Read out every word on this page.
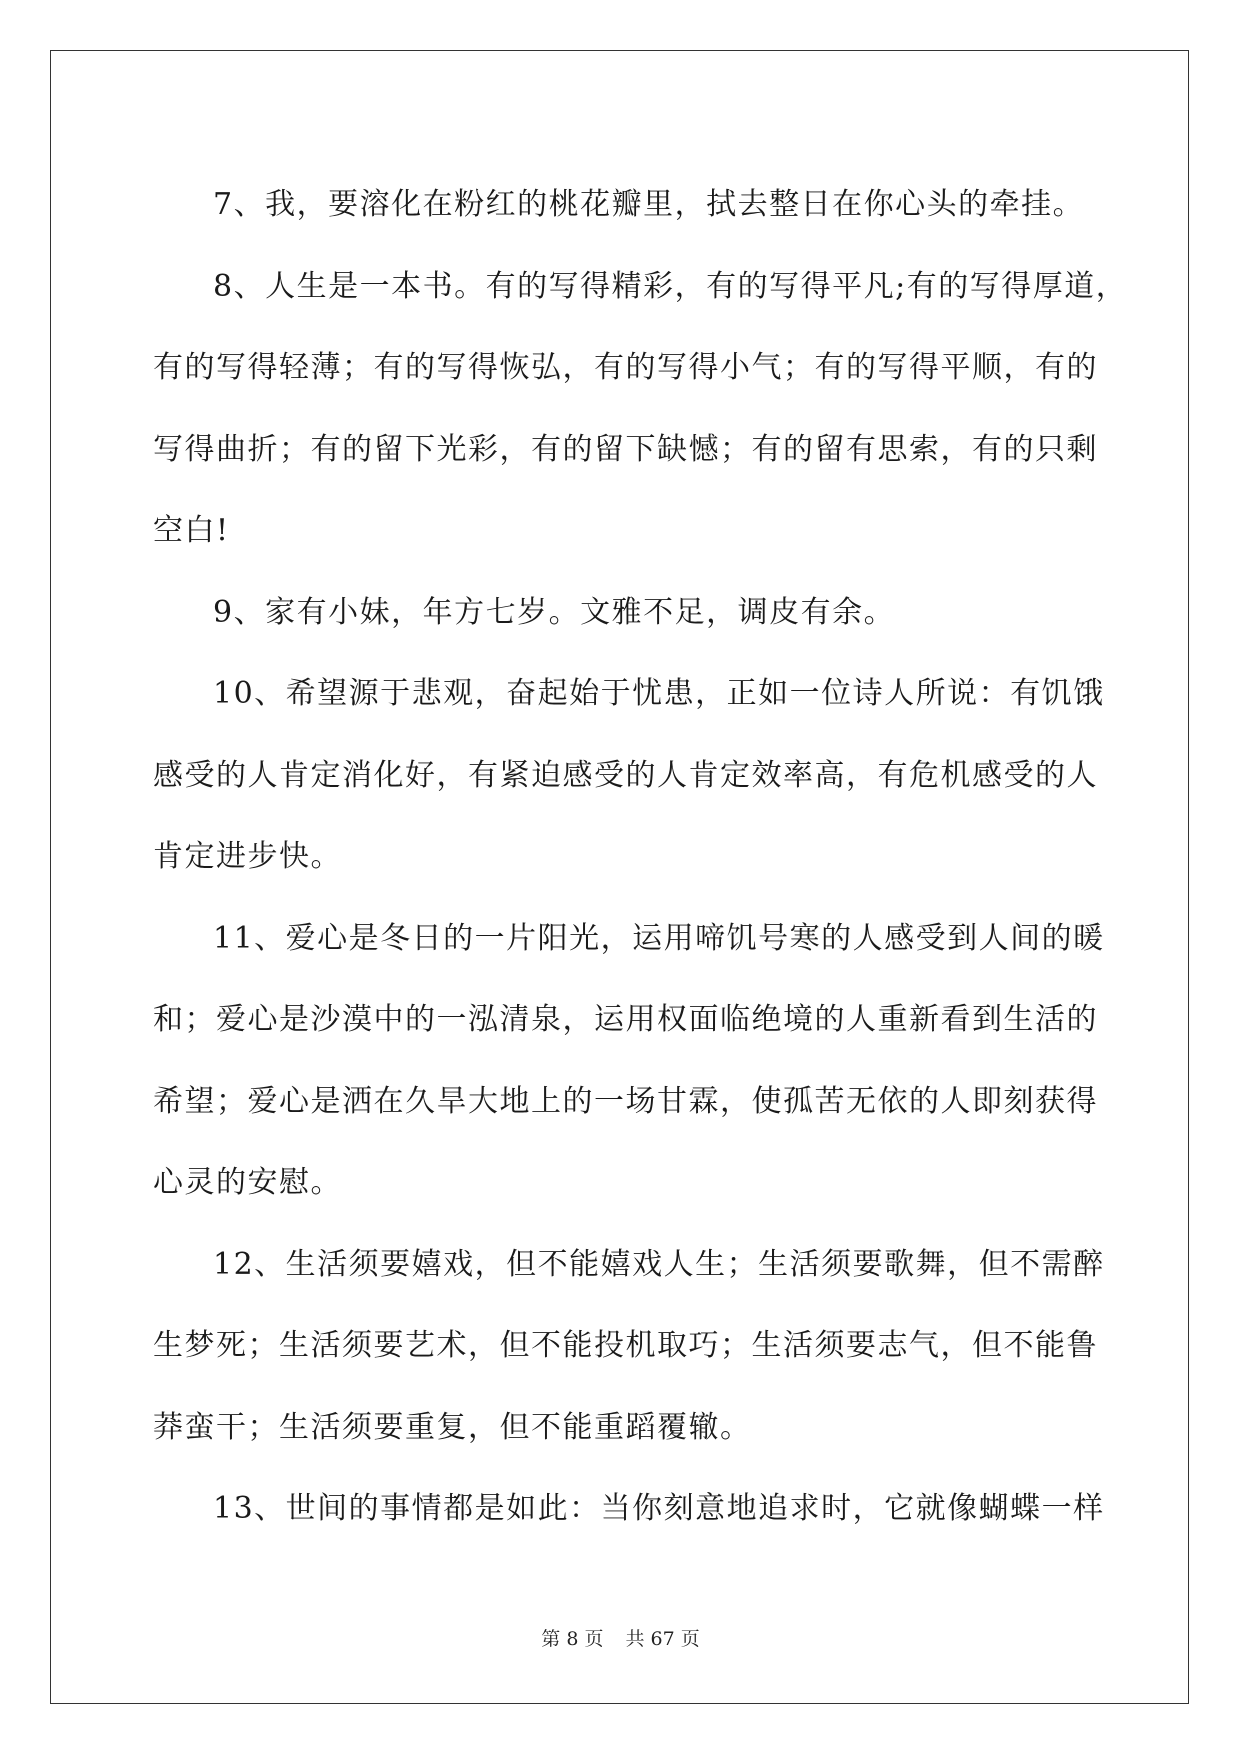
7、我，要溶化在粉红的桃花瓣里，拭去整日在你心头的牵挂。
8、人生是一本书。有的写得精彩，有的写得平凡;有的写得厚道，
有的写得轻薄；有的写得恢弘，有的写得小气；有的写得平顺，有的
写得曲折；有的留下光彩，有的留下缺憾；有的留有思索，有的只剩
空白!
9、家有小妹，年方七岁。文雅不足，调皮有余。
10、希望源于悲观，奋起始于忧患，正如一位诗人所说：有饥饿
感受的人肯定消化好，有紧迫感受的人肯定效率高，有危机感受的人
肯定进步快。
11、爱心是冬日的一片阳光，运用啼饥号寒的人感受到人间的暖
和；爱心是沙漠中的一泓清泉，运用权面临绝境的人重新看到生活的
希望；爱心是洒在久旱大地上的一场甘霖，使孤苦无依的人即刻获得
心灵的安慰。
12、生活须要嬉戏，但不能嬉戏人生；生活须要歌舞，但不需醉
生梦死；生活须要艺术，但不能投机取巧；生活须要志气，但不能鲁
莽蛮干；生活须要重复，但不能重蹈覆辙。
13、世间的事情都是如此：当你刻意地追求时，它就像蝴蝶一样
第 8 页 共 67 页
